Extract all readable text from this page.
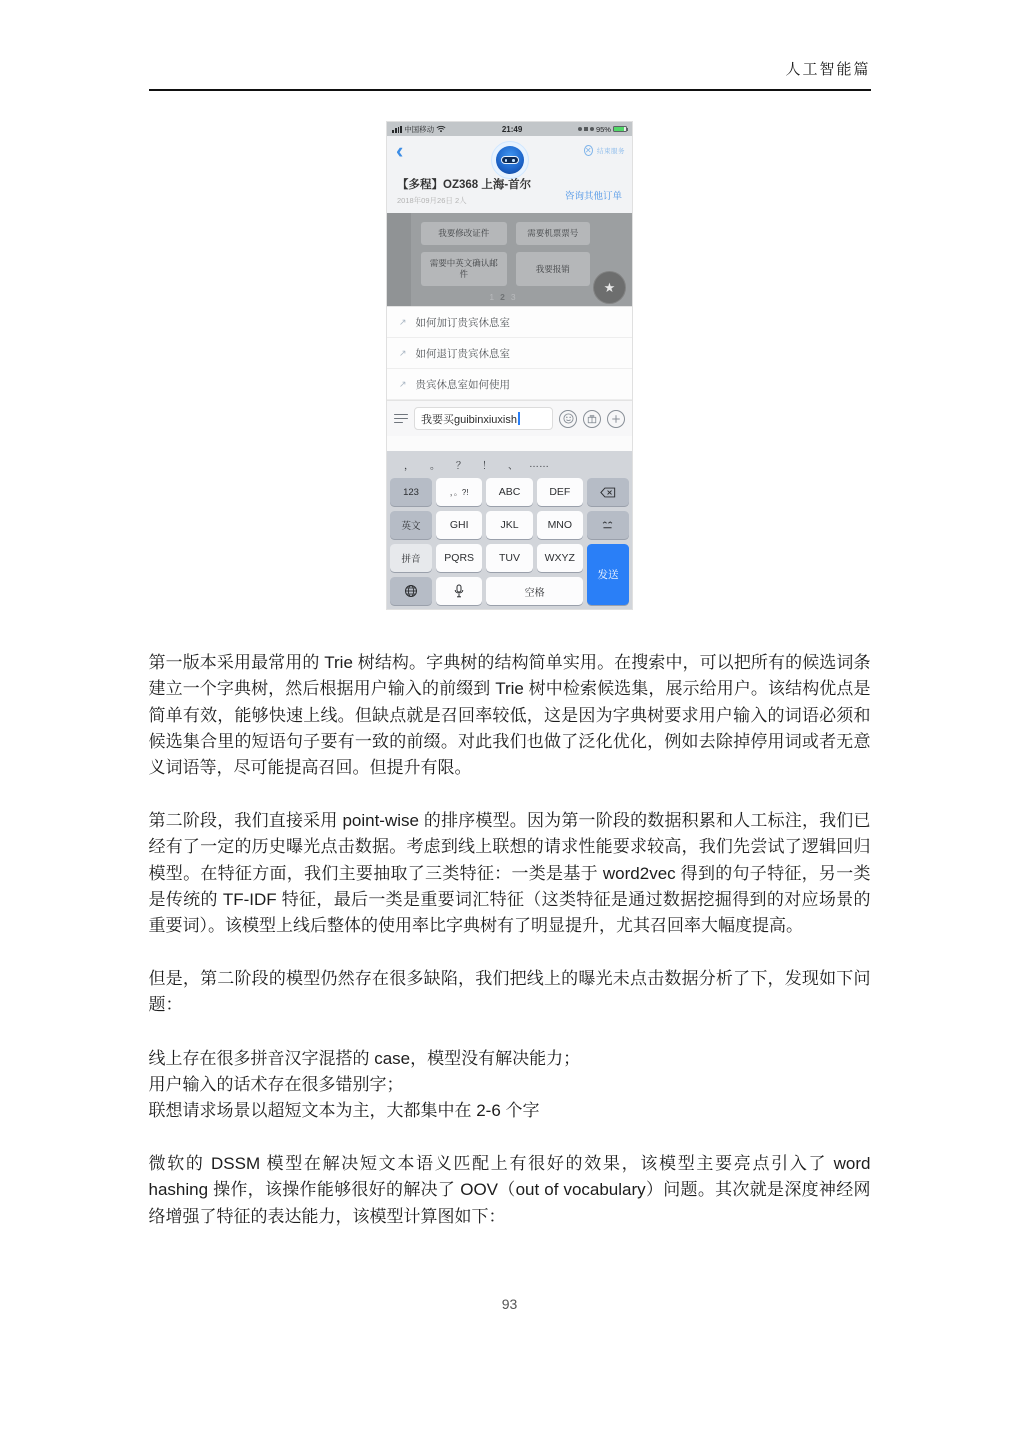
人工智能篇
中国移动	21:49	95%
‹	✕ 结束服务
【多程】OZ368 上海-首尔
2018年09月26日 2人	咨询其他订单
我要修改证件	需要机票票号
需要中英文确认邮件
我要报销
123
★
↗ 如何加订贵宾休息室
↗ 如何退订贵宾休息室
↗ 贵宾休息室如何使用
我要买guibinxiuxish
，	。	？	！	、	……
123	，。?!	ABC	DEF
英文	GHI	JKL	MNO
拼音	PQRS	TUV	WXYZ
发送
空格

第一版本采用最常用的 Trie 树结构。字典树的结构简单实用。在搜索中，可以把所有的候选词条建立一个字典树，然后根据用户输入的前缀到 Trie 树中检索候选集，展示给用户。该结构优点是简单有效，能够快速上线。但缺点就是召回率较低，这是因为字典树要求用户输入的词语必须和候选集合里的短语句子要有一致的前缀。对此我们也做了泛化优化，例如去除掉停用词或者无意义词语等，尽可能提高召回。但提升有限。

第二阶段，我们直接采用 point-wise 的排序模型。因为第一阶段的数据积累和人工标注，我们已经有了一定的历史曝光点击数据。考虑到线上联想的请求性能要求较高，我们先尝试了逻辑回归模型。在特征方面，我们主要抽取了三类特征：一类是基于 word2vec 得到的句子特征，另一类是传统的 TF-IDF 特征，最后一类是重要词汇特征（这类特征是通过数据挖掘得到的对应场景的重要词）。该模型上线后整体的使用率比字典树有了明显提升，尤其召回率大幅度提高。

但是，第二阶段的模型仍然存在很多缺陷，我们把线上的曝光未点击数据分析了下，发现如下问题：

线上存在很多拼音汉字混搭的 case，模型没有解决能力；
用户输入的话术存在很多错别字；
联想请求场景以超短文本为主，大都集中在 2-6 个字

微软的 DSSM 模型在解决短文本语义匹配上有很好的效果，该模型主要亮点引入了 word hashing 操作，该操作能够很好的解决了 OOV（out of vocabulary）问题。其次就是深度神经网络增强了特征的表达能力，该模型计算图如下：

93
